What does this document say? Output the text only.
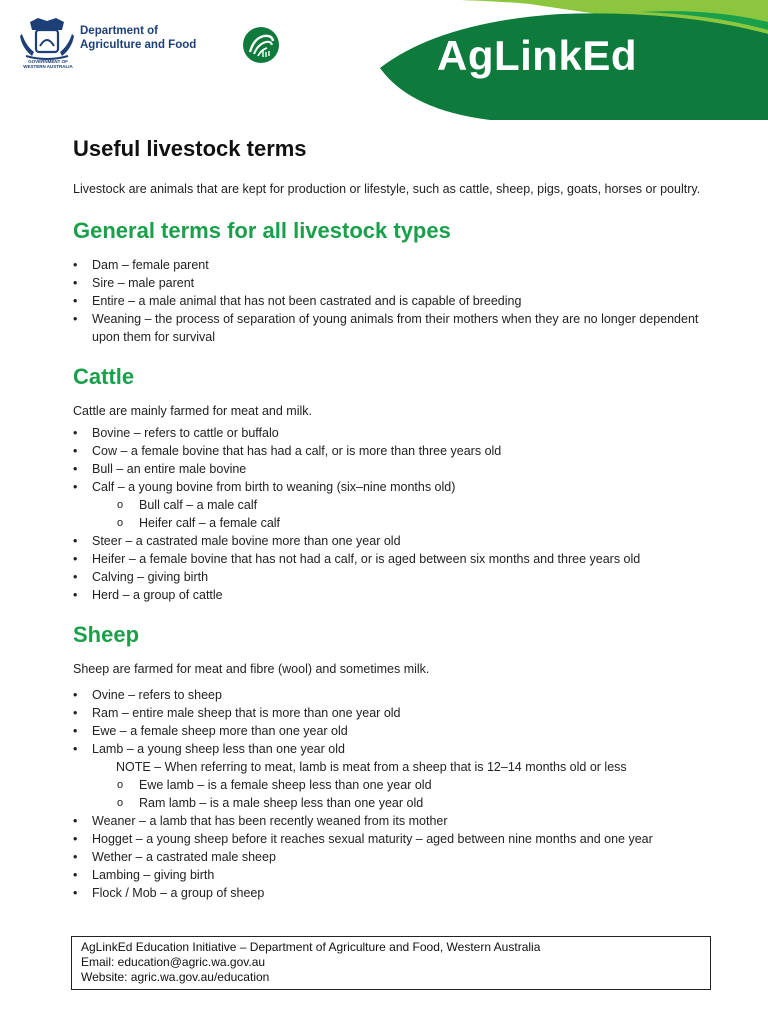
Department of
Agriculture and Food
GOVERNMENT OF
WESTERN AUSTRALIA	AgLinkEd
Useful livestock terms

Livestock are animals that are kept for production or lifestyle, such as cattle, sheep, pigs, goats, horses or poultry.

General terms for all livestock types
• Dam – female parent
• Sire – male parent
• Entire – a male animal that has not been castrated and is capable of breeding
• Weaning – the process of separation of young animals from their mothers when they are no longer dependent upon them for survival
Cattle

Cattle are mainly farmed for meat and milk.

• Bovine – refers to cattle or buffalo
• Cow – a female bovine that has had a calf, or is more than three years old
• Bull – an entire male bovine
• Calf – a young bovine from birth to weaning (six–nine months old)
o Bull calf – a male calf
o Heifer calf – a female calf
• Steer – a castrated male bovine more than one year old
• Heifer – a female bovine that has not had a calf, or is aged between six months and three years old
• Calving – giving birth
• Herd – a group of cattle
Sheep

Sheep are farmed for meat and fibre (wool) and sometimes milk.

• Ovine – refers to sheep
• Ram – entire male sheep that is more than one year old
• Ewe – a female sheep more than one year old
• Lamb – a young sheep less than one year old
NOTE – When referring to meat, lamb is meat from a sheep that is 12–14 months old or less
o Ewe lamb – is a female sheep less than one year old
o Ram lamb – is a male sheep less than one year old
• Weaner – a lamb that has been recently weaned from its mother
• Hogget – a young sheep before it reaches sexual maturity – aged between nine months and one year
• Wether – a castrated male sheep
• Lambing – giving birth
• Flock / Mob – a group of sheep
AgLinkEd Education Initiative – Department of Agriculture and Food, Western Australia
Email: education@agric.wa.gov.au
Website: agric.wa.gov.au/education
